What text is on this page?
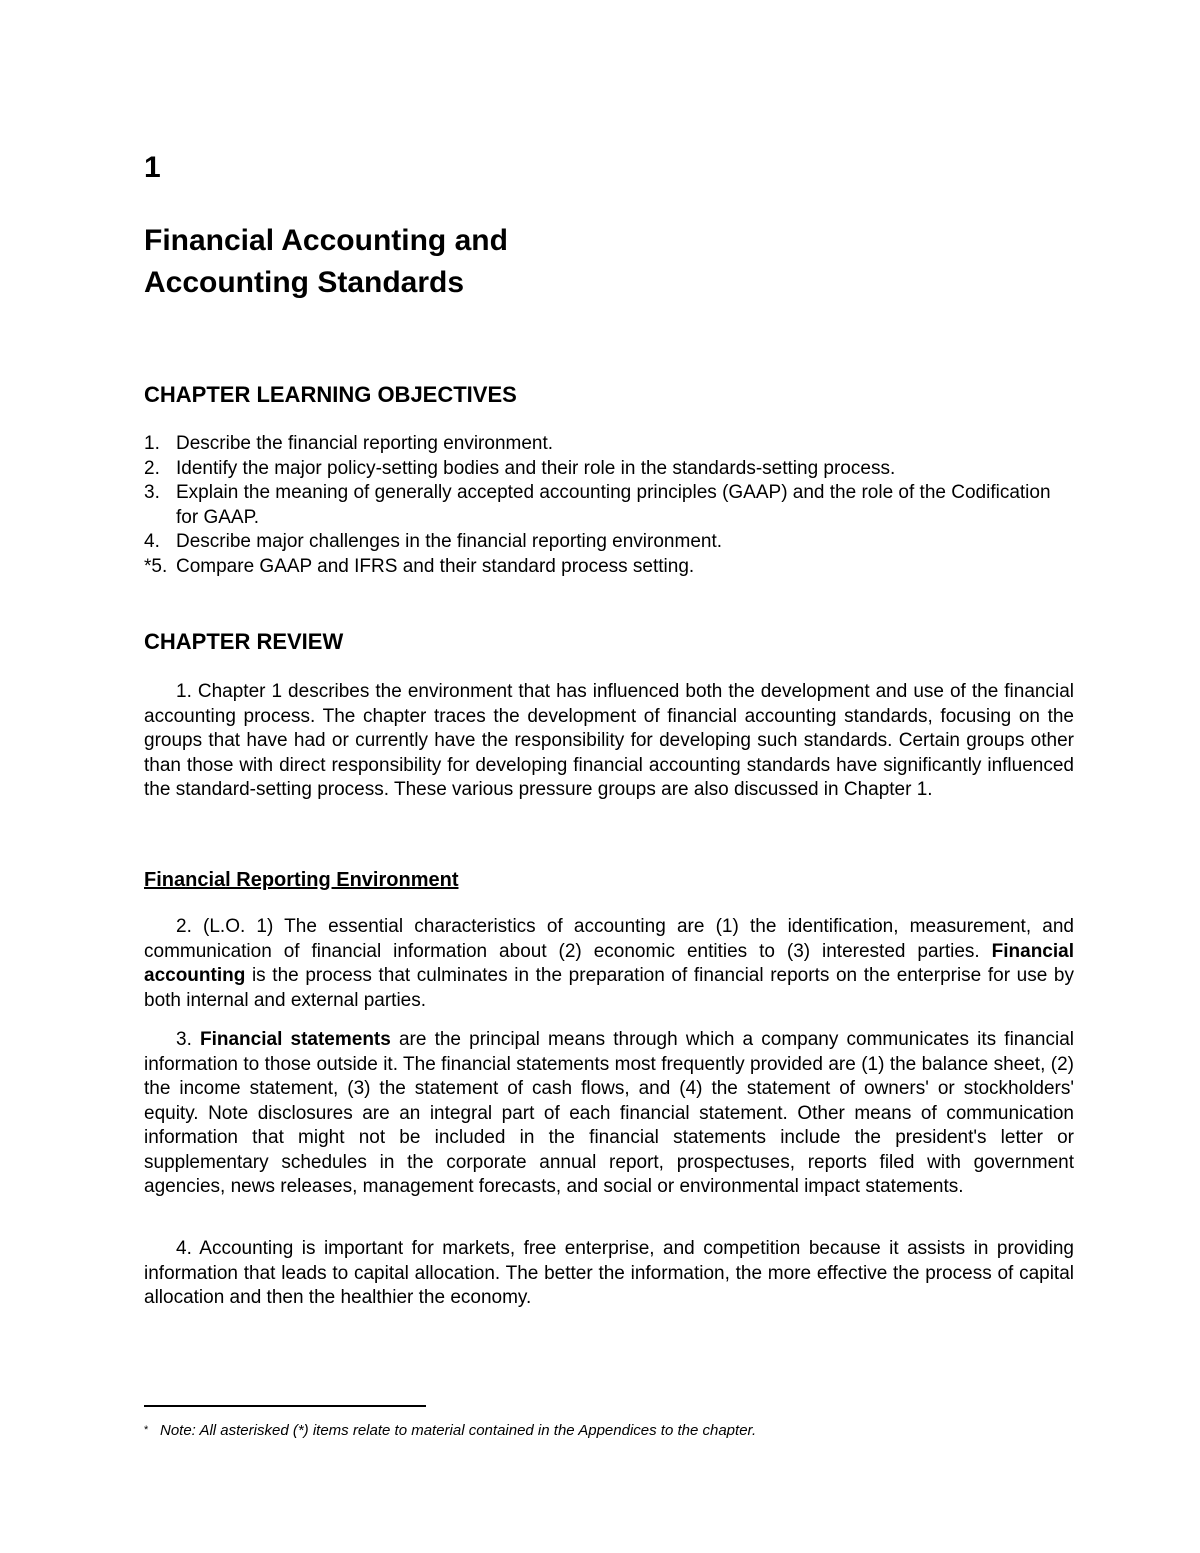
1
Financial Accounting and
Accounting Standards
CHAPTER LEARNING OBJECTIVES
1. Describe the financial reporting environment.
2. Identify the major policy-setting bodies and their role in the standards-setting process.
3. Explain the meaning of generally accepted accounting principles (GAAP) and the role of the Codification for GAAP.
4. Describe major challenges in the financial reporting environment.
*5. Compare GAAP and IFRS and their standard process setting.
CHAPTER REVIEW

1. Chapter 1 describes the environment that has influenced both the development and use of the financial accounting process. The chapter traces the development of financial accounting standards, focusing on the groups that have had or currently have the responsibility for developing such standards. Certain groups other than those with direct responsibility for developing financial accounting standards have significantly influenced the standard-setting process. These various pressure groups are also discussed in Chapter 1.

Financial Reporting Environment

2. (L.O. 1) The essential characteristics of accounting are (1) the identification, measurement, and communication of financial information about (2) economic entities to (3) interested parties. Financial accounting is the process that culminates in the preparation of financial reports on the enterprise for use by both internal and external parties.

3. Financial statements are the principal means through which a company communicates its financial information to those outside it. The financial statements most frequently provided are (1) the balance sheet, (2) the income statement, (3) the statement of cash flows, and (4) the statement of owners' or stockholders' equity. Note disclosures are an integral part of each financial statement. Other means of communication information that might not be included in the financial statements include the president's letter or supplementary schedules in the corporate annual report, prospectuses, reports filed with government agencies, news releases, management forecasts, and social or environmental impact statements.

4. Accounting is important for markets, free enterprise, and competition because it assists in providing information that leads to capital allocation. The better the information, the more effective the process of capital allocation and then the healthier the economy.

* Note: All asterisked (*) items relate to material contained in the Appendices to the chapter.
